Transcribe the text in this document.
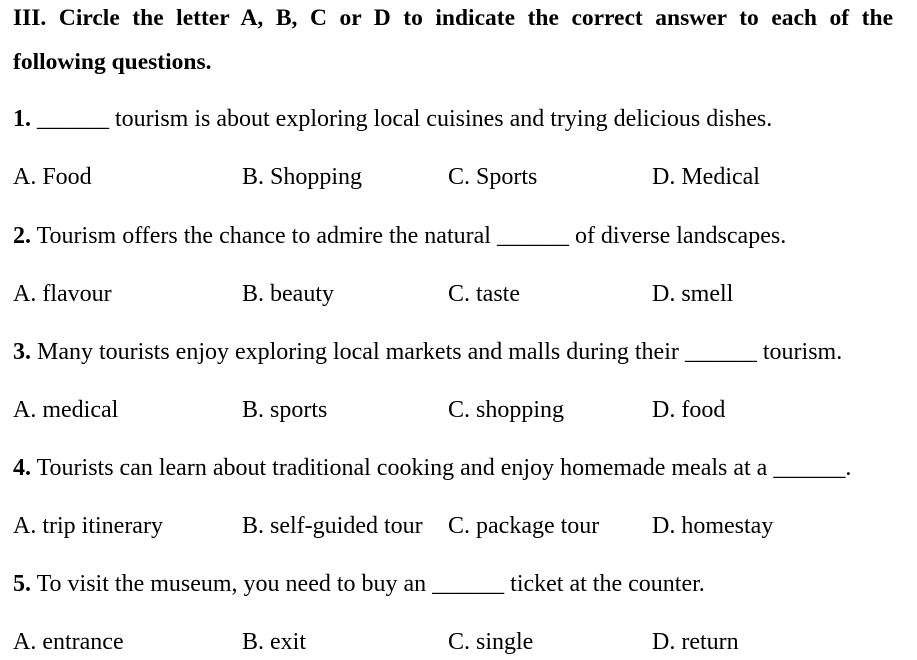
III. Circle the letter A, B, C or D to indicate the correct answer to each of the
following questions.
1. ______ tourism is about exploring local cuisines and trying delicious dishes.
A. Food	B. Shopping	C. Sports	D. Medical
2. Tourism offers the chance to admire the natural ______ of diverse landscapes.
A. flavour	B. beauty	C. taste	D. smell
3. Many tourists enjoy exploring local markets and malls during their ______ tourism.
A. medical	B. sports	C. shopping	D. food
4. Tourists can learn about traditional cooking and enjoy homemade meals at a ______.
A. trip itinerary	B. self-guided tour C. package tour D. homestay
5. To visit the museum, you need to buy an ______ ticket at the counter.
A. entrance	B. exit	C. single	D. return
